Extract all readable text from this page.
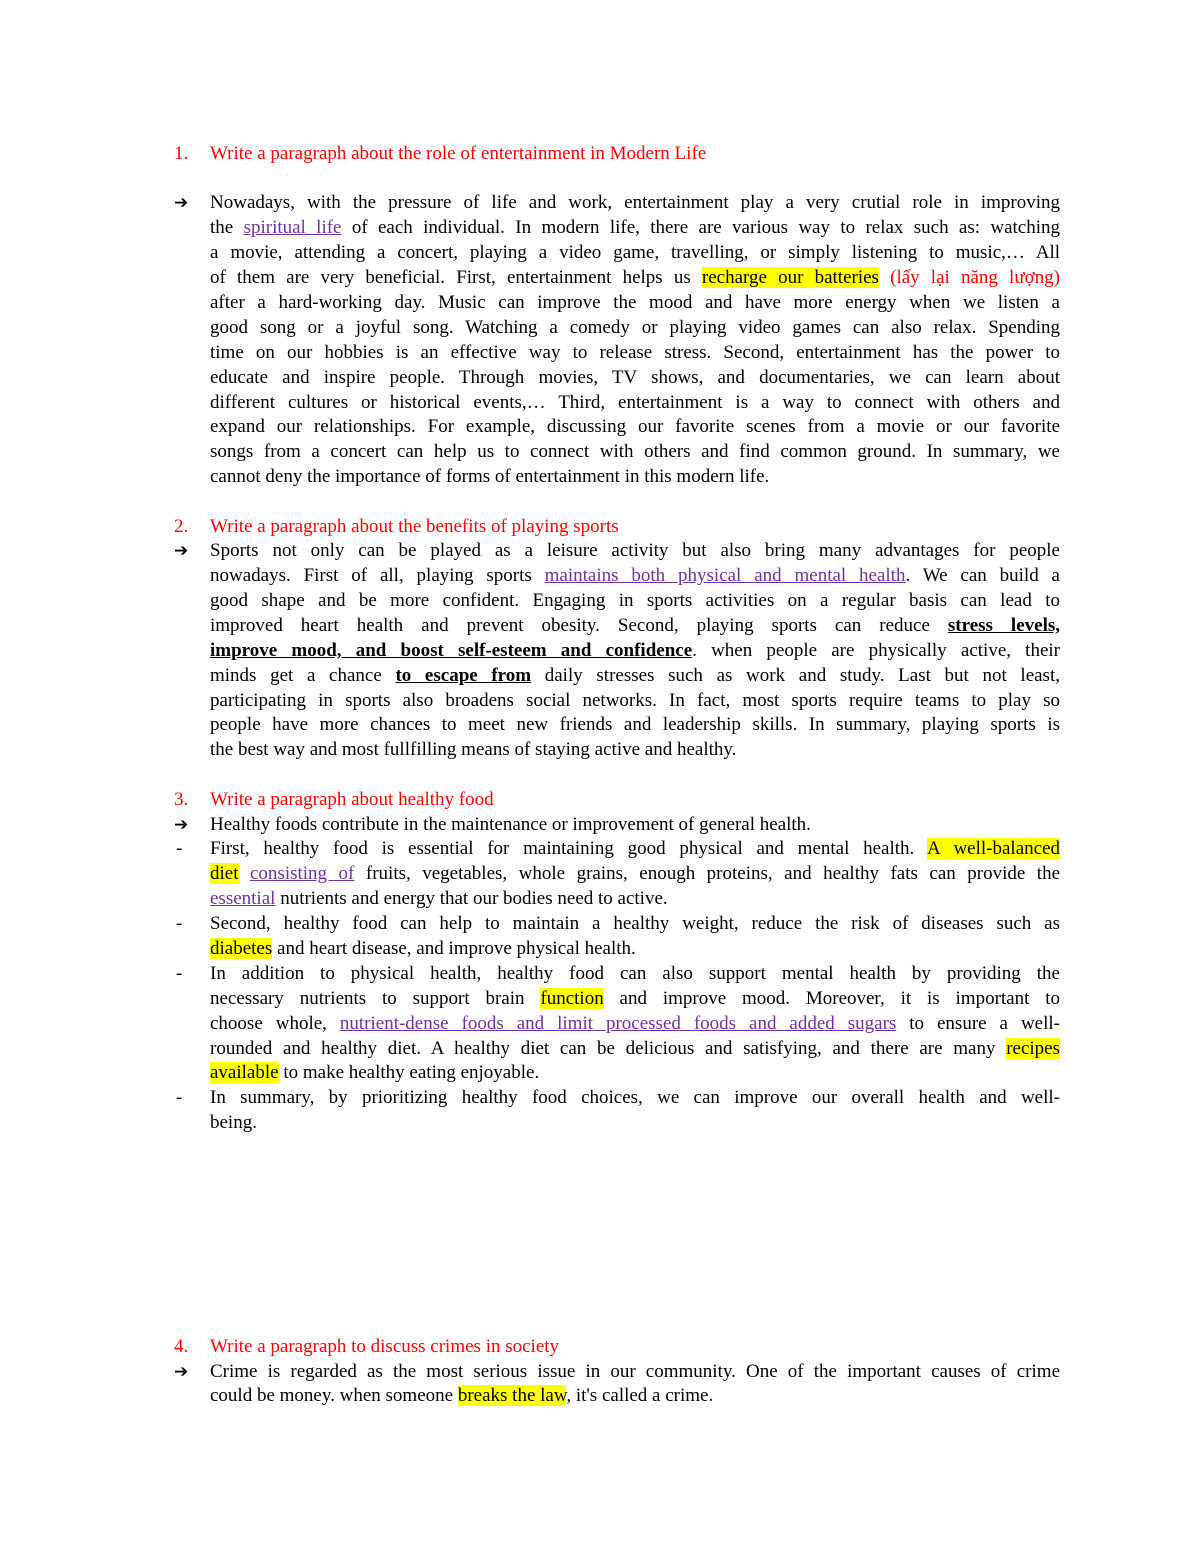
1. Write a paragraph about the role of entertainment in Modern Life
➔ Nowadays, with the pressure of life and work, entertainment play a very crutial role in improving
the spiritual life of each individual. In modern life, there are various way to relax such as: watching
a movie, attending a concert, playing a video game, travelling, or simply listening to music,… All
of them are very beneficial. First, entertainment helps us recharge our batteries (lấy lại năng lượng)
after a hard-working day. Music can improve the mood and have more energy when we listen a
good song or a joyful song. Watching a comedy or playing video games can also relax. Spending
time on our hobbies is an effective way to release stress. Second, entertainment has the power to
educate and inspire people. Through movies, TV shows, and documentaries, we can learn about
different cultures or historical events,… Third, entertainment is a way to connect with others and
expand our relationships. For example, discussing our favorite scenes from a movie or our favorite
songs from a concert can help us to connect with others and find common ground. In summary, we
cannot deny the importance of forms of entertainment in this modern life.
2. Write a paragraph about the benefits of playing sports
➔ Sports not only can be played as a leisure activity but also bring many advantages for people
nowadays. First of all, playing sports maintains both physical and mental health. We can build a
good shape and be more confident. Engaging in sports activities on a regular basis can lead to
improved heart health and prevent obesity. Second, playing sports can reduce stress levels,
improve mood, and boost self-esteem and confidence. when people are physically active, their
minds get a chance to escape from daily stresses such as work and study. Last but not least,
participating in sports also broadens social networks. In fact, most sports require teams to play so
people have more chances to meet new friends and leadership skills. In summary, playing sports is
the best way and most fullfilling means of staying active and healthy.
3. Write a paragraph about healthy food
➔ Healthy foods contribute in the maintenance or improvement of general health.
- First, healthy food is essential for maintaining good physical and mental health. A well-balanced
diet consisting of fruits, vegetables, whole grains, enough proteins, and healthy fats can provide the
essential nutrients and energy that our bodies need to active.
- Second, healthy food can help to maintain a healthy weight, reduce the risk of diseases such as
diabetes and heart disease, and improve physical health.
- In addition to physical health, healthy food can also support mental health by providing the
necessary nutrients to support brain function and improve mood. Moreover, it is important to
choose whole, nutrient-dense foods and limit processed foods and added sugars to ensure a well-
rounded and healthy diet. A healthy diet can be delicious and satisfying, and there are many recipes
available to make healthy eating enjoyable.
- In summary, by prioritizing healthy food choices, we can improve our overall health and well-
being.
4. Write a paragraph to discuss crimes in society
➔ Crime is regarded as the most serious issue in our community. One of the important causes of crime
could be money. when someone breaks the law, it's called a crime.
